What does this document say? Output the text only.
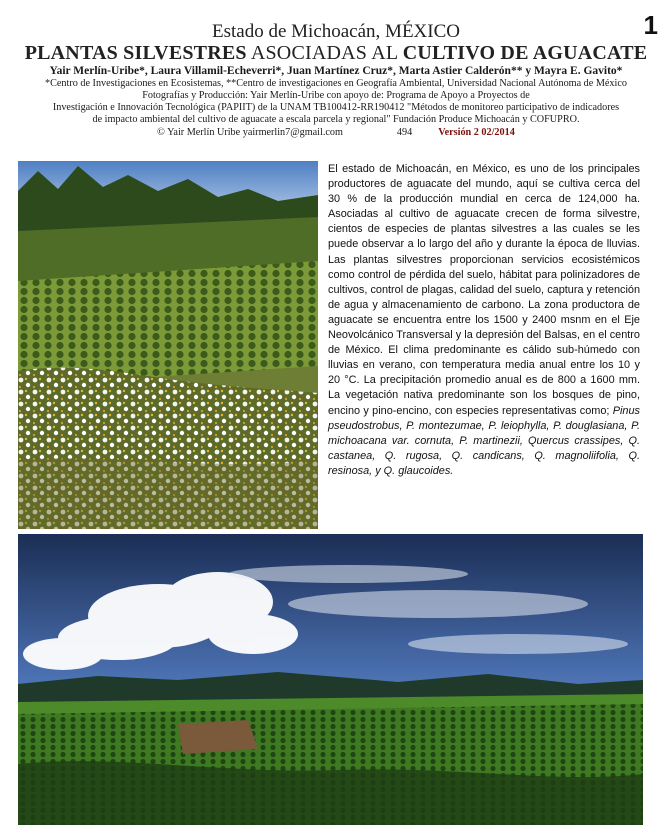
1
Estado de Michoacán, MÉXICO
PLANTAS SILVESTRES ASOCIADAS AL CULTIVO DE AGUACATE
Yair Merlín-Uribe*, Laura Villamil-Echeverri*, Juan Martínez Cruz*, Marta Astier Calderón** y Mayra E. Gavito*
*Centro de Investigaciones en Ecosistemas, **Centro de investigaciones en Geografía Ambiental, Universidad Nacional Autónoma de México
Fotografías y Producción: Yair Merlín-Uribe con apoyo de: Programa de Apoyo a Proyectos de
Investigación e Innovación Tecnológica (PAPIIT) de la UNAM TB100412-RR190412 "Métodos de monitoreo participativo de indicadores
de impacto ambiental del cultivo de aguacate a escala parcela y regional" Fundación Produce Michoacán y COFUPRO.
© Yair Merlín Uribe yairmerlin7@gmail.com	494	Versión 2 02/2014
El estado de Michoacán, en México, es uno de los principales productores de aguacate del mundo, aquí se cultiva cerca del 30 % de la producción mundial en cerca de 124,000 ha. Asociadas al cultivo de aguacate crecen de forma silvestre, cientos de especies de plantas silvestres a las cuales se les puede observar a lo largo del año y durante la época de lluvias. Las plantas silvestres proporcionan servicios ecosistémicos como control de pérdida del suelo, hábitat para polinizadores de cultivos, control de plagas, calidad del suelo, captura y retención de agua y almacenamiento de carbono. La zona productora de aguacate se encuentra entre los 1500 y 2400 msnm en el Eje Neovolcánico Transversal y la depresión del Balsas, en el centro de México. El clima predominante es cálido sub-húmedo con lluvias en verano, con temperatura media anual entre los 10 y 20 °C. La precipitación promedio anual es de 800 a 1600 mm. La vegetación nativa predominante son los bosques de pino, encino y pino-encino, con especies representativas como; Pinus pseudostrobus, P. montezumae, P. leiophylla, P. douglasiana, P. michoacana var. cornuta, P. martinezii, Quercus crassipes, Q. castanea, Q. rugosa, Q. candicans, Q. magnoliifolia, Q. resinosa, y Q. glaucoides.
